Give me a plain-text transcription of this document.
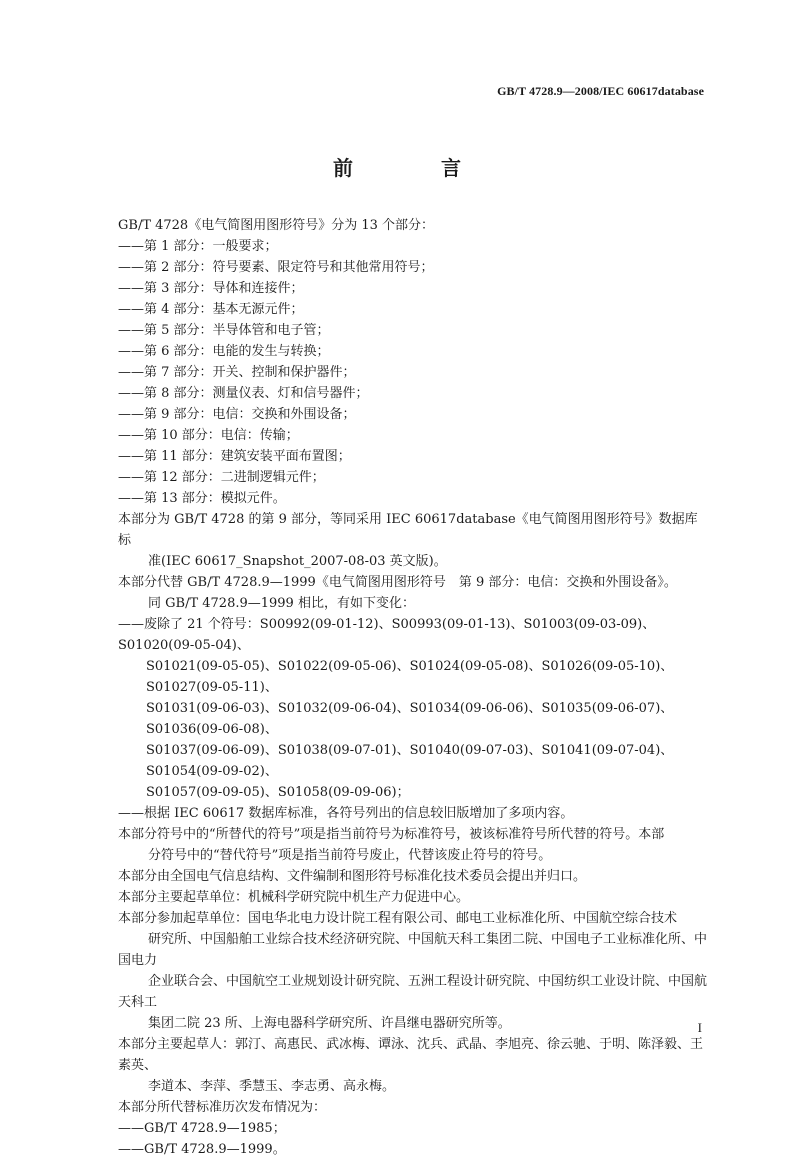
GB/T 4728.9—2008/IEC 60617database
前　言

GB/T 4728《电气简图用图形符号》分为 13 个部分：

——第 1 部分：一般要求；

——第 2 部分：符号要素、限定符号和其他常用符号；

——第 3 部分：导体和连接件；

——第 4 部分：基本无源元件；

——第 5 部分：半导体管和电子管；

——第 6 部分：电能的发生与转换；

——第 7 部分：开关、控制和保护器件；

——第 8 部分：测量仪表、灯和信号器件；

——第 9 部分：电信：交换和外围设备；

——第 10 部分：电信：传输；

——第 11 部分：建筑安装平面布置图；

——第 12 部分：二进制逻辑元件；

——第 13 部分：模拟元件。

本部分为 GB/T 4728 的第 9 部分，等同采用 IEC 60617database《电气简图用图形符号》数据库标

准(IEC 60617_Snapshot_2007-08-03 英文版)。

本部分代替 GB/T 4728.9—1999《电气简图用图形符号　第 9 部分：电信：交换和外围设备》。

同 GB/T 4728.9—1999 相比，有如下变化：

——废除了 21 个符号：S00992(09-01-12)、S00993(09-01-13)、S01003(09-03-09)、S01020(09-05-04)、

S01021(09-05-05)、S01022(09-05-06)、S01024(09-05-08)、S01026(09-05-10)、S01027(09-05-11)、

S01031(09-06-03)、S01032(09-06-04)、S01034(09-06-06)、S01035(09-06-07)、S01036(09-06-08)、

S01037(09-06-09)、S01038(09-07-01)、S01040(09-07-03)、S01041(09-07-04)、S01054(09-09-02)、

S01057(09-09-05)、S01058(09-09-06)；

——根据 IEC 60617 数据库标准，各符号列出的信息较旧版增加了多项内容。

本部分符号中的“所替代的符号”项是指当前符号为标准符号，被该标准符号所代替的符号。本部

分符号中的“替代符号”项是指当前符号废止，代替该废止符号的符号。

本部分由全国电气信息结构、文件编制和图形符号标准化技术委员会提出并归口。

本部分主要起草单位：机械科学研究院中机生产力促进中心。

本部分参加起草单位：国电华北电力设计院工程有限公司、邮电工业标准化所、中国航空综合技术

研究所、中国船舶工业综合技术经济研究院、中国航天科工集团二院、中国电子工业标准化所、中国电力

企业联合会、中国航空工业规划设计研究院、五洲工程设计研究院、中国纺织工业设计院、中国航天科工

集团二院 23 所、上海电器科学研究所、许昌继电器研究所等。

本部分主要起草人：郭汀、高惠民、武冰梅、谭泳、沈兵、武晶、李旭亮、徐云驰、于明、陈泽毅、王素英、

李道本、李萍、季慧玉、李志勇、高永梅。

本部分所代替标准历次发布情况为：

——GB/T 4728.9—1985；

——GB/T 4728.9—1999。

I
